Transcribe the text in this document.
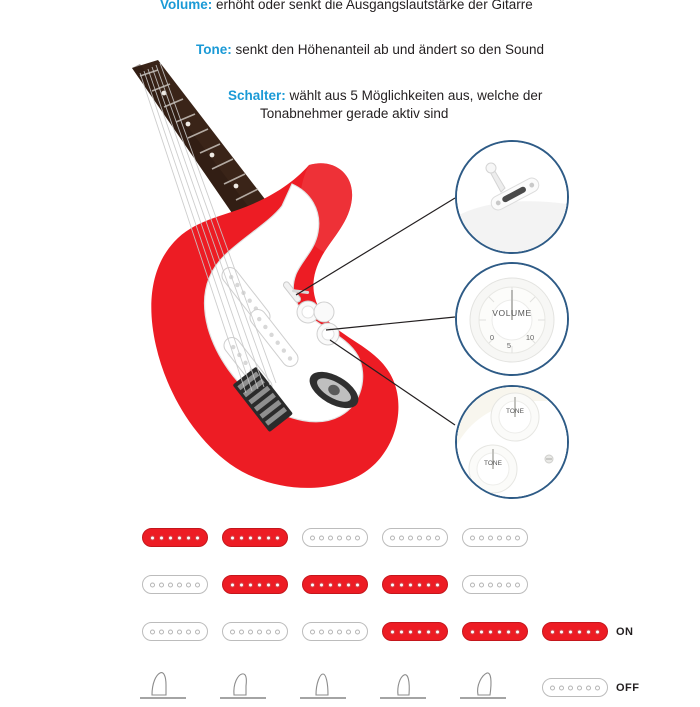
Volume: erhöht oder senkt die Ausgangslautstärke der Gitarre
Tone: senkt den Höhenanteil ab und ändert so den Sound
Schalter: wählt aus 5 Möglichkeiten aus, welche der
Tonabnehmer gerade aktiv sind
VOLUME
0
5
10
TONE
TONE
ON
OFF
